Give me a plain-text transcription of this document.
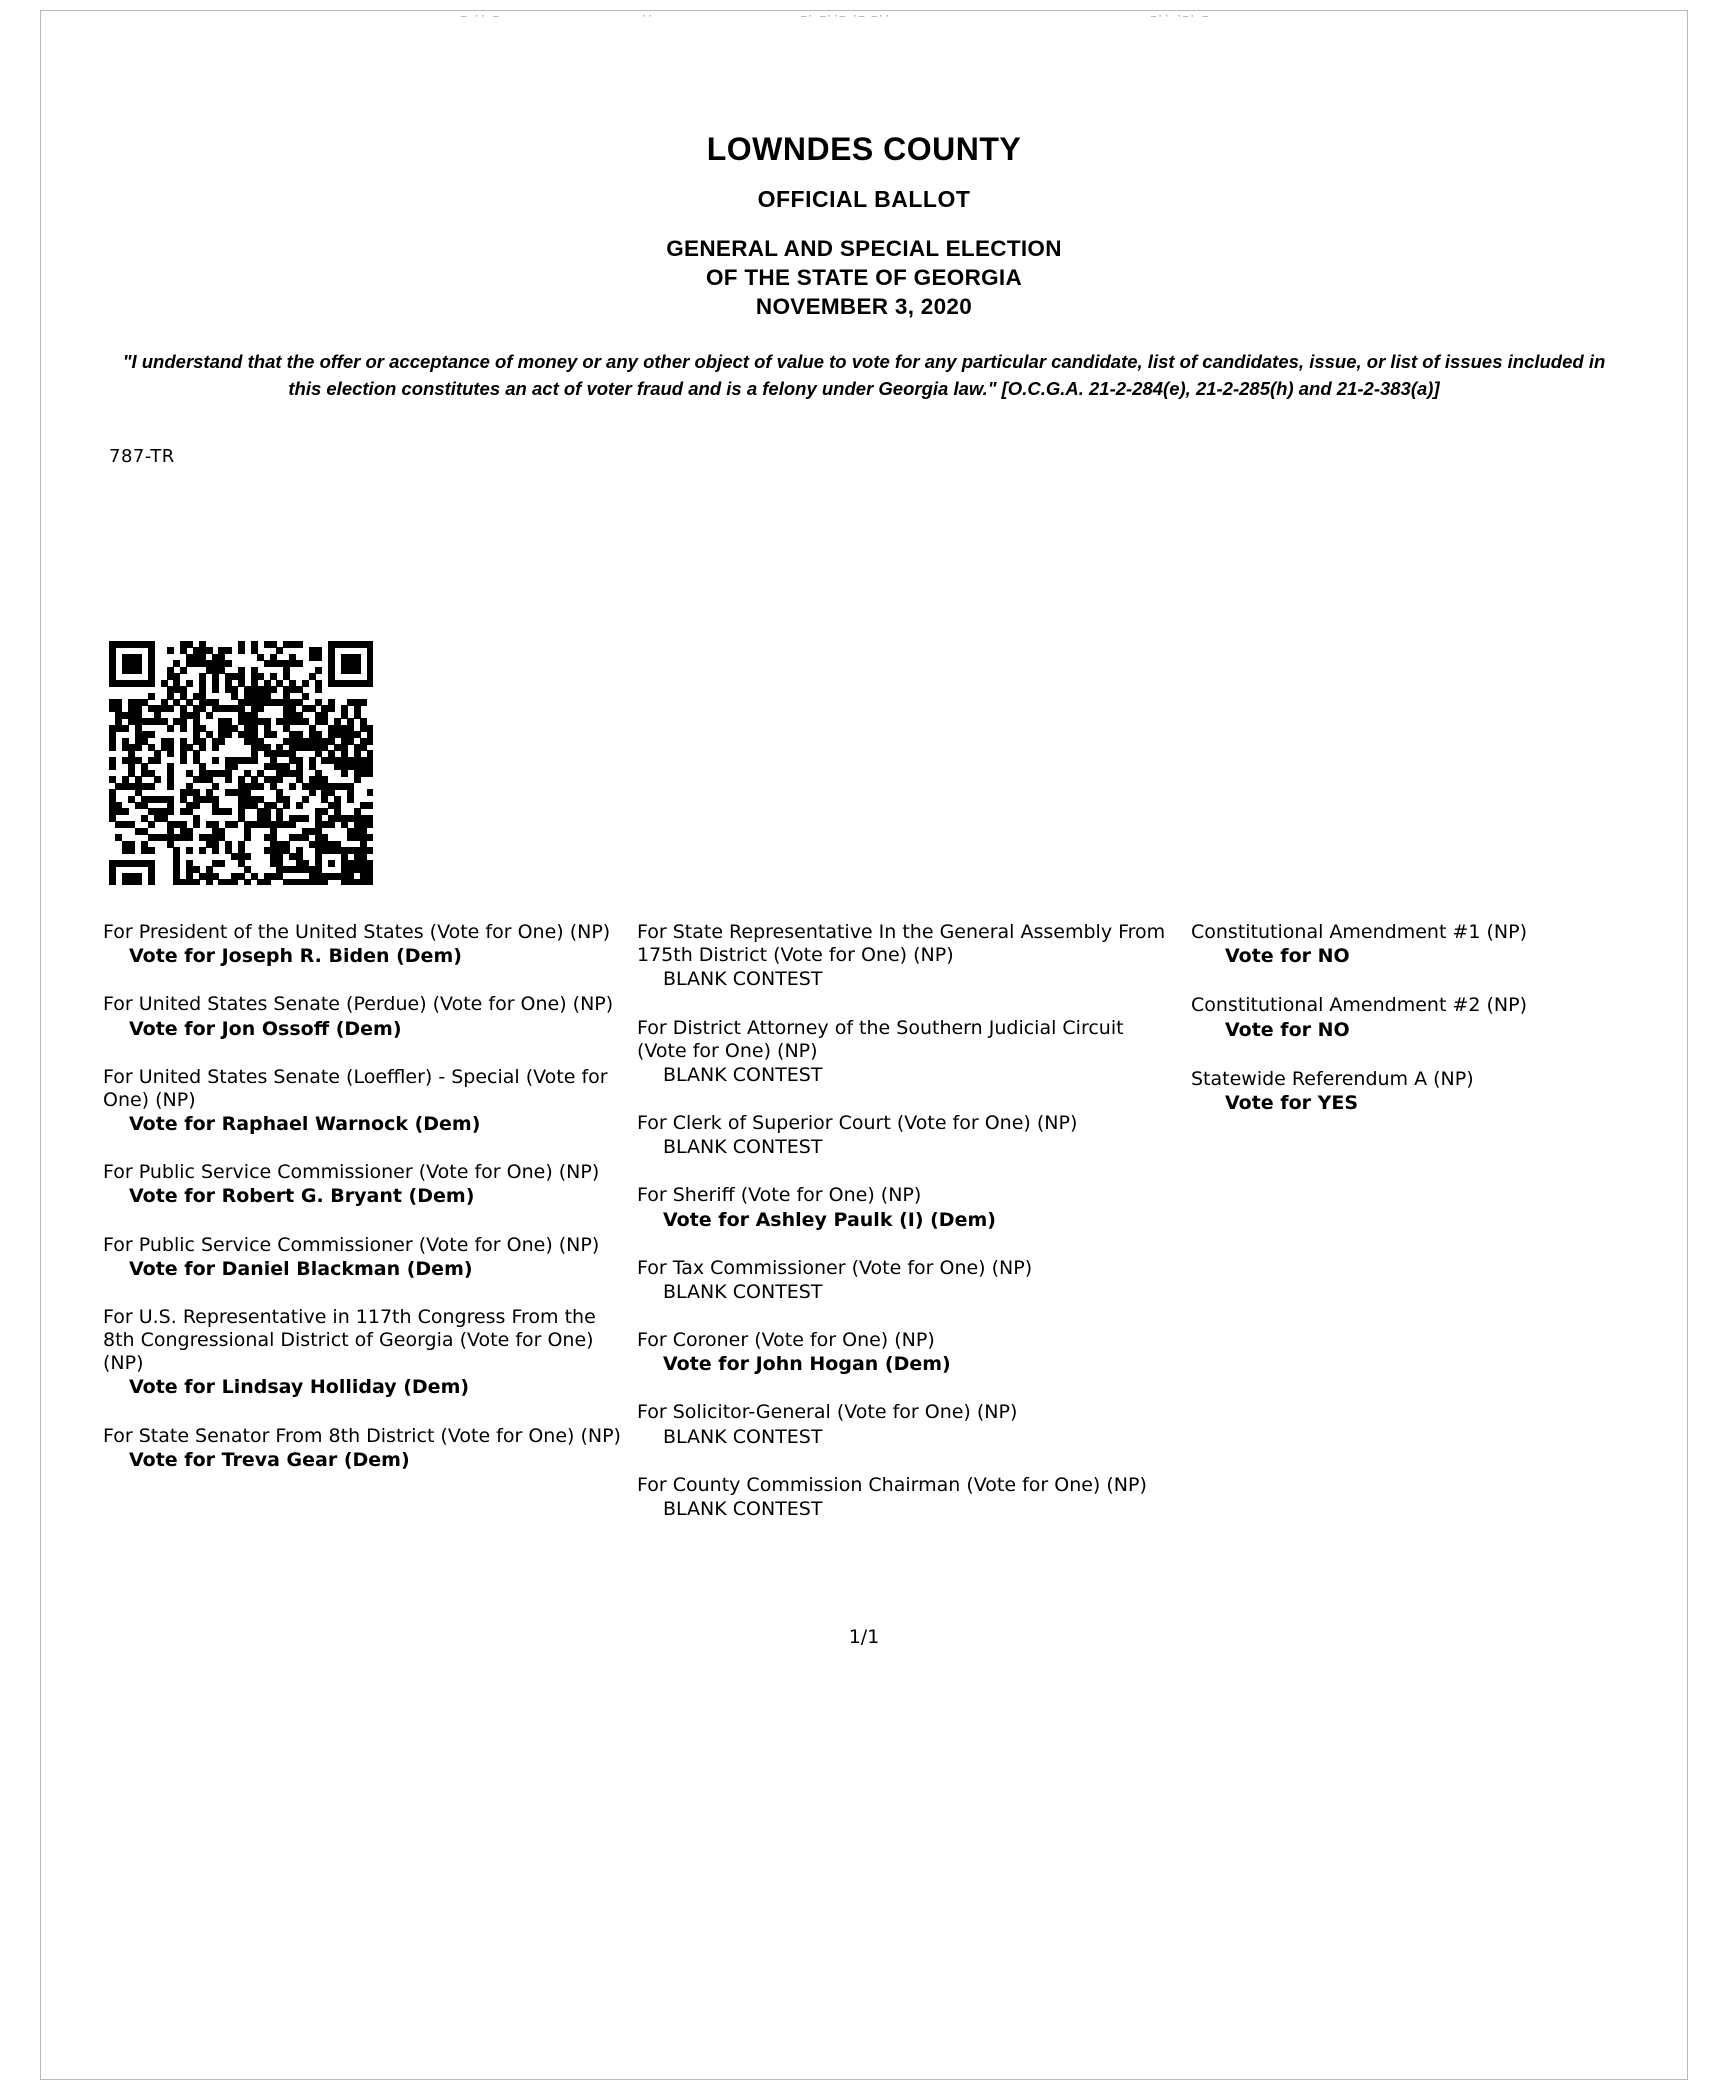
— ·· —	··	—· —··— ·— —··	—·· ·—· —
LOWNDES COUNTY
OFFICIAL BALLOT
GENERAL AND SPECIAL ELECTION
OF THE STATE OF GEORGIA
NOVEMBER 3, 2020
"I understand that the offer or acceptance of money or any other object of value to vote for any particular candidate, list of candidates, issue, or list of issues included in this election constitutes an act of voter fraud and is a felony under Georgia law." [O.C.G.A. 21-2-284(e), 21-2-285(h) and 21-2-383(a)]
787-TR
For President of the United States (Vote for One) (NP)
Vote for Joseph R. Biden (Dem)
For United States Senate (Perdue) (Vote for One) (NP)
Vote for Jon Ossoff (Dem)
For United States Senate (Loeffler) - Special (Vote for One) (NP)
Vote for Raphael Warnock (Dem)
For Public Service Commissioner (Vote for One) (NP)
Vote for Robert G. Bryant (Dem)
For Public Service Commissioner (Vote for One) (NP)
Vote for Daniel Blackman (Dem)
For U.S. Representative in 117th Congress From the 8th Congressional District of Georgia (Vote for One) (NP)
Vote for Lindsay Holliday (Dem)
For State Senator From 8th District (Vote for One) (NP)
Vote for Treva Gear (Dem)
For State Representative In the General Assembly From 175th District (Vote for One) (NP)
BLANK CONTEST
For District Attorney of the Southern Judicial Circuit (Vote for One) (NP)
BLANK CONTEST
For Clerk of Superior Court (Vote for One) (NP)
BLANK CONTEST
For Sheriff (Vote for One) (NP)
Vote for Ashley Paulk (I) (Dem)
For Tax Commissioner (Vote for One) (NP)
BLANK CONTEST
For Coroner (Vote for One) (NP)
Vote for John Hogan (Dem)
For Solicitor-General (Vote for One) (NP)
BLANK CONTEST
For County Commission Chairman (Vote for One) (NP)
BLANK CONTEST
Constitutional Amendment #1 (NP)
Vote for NO
Constitutional Amendment #2 (NP)
Vote for NO
Statewide Referendum A (NP)
Vote for YES
1/1
